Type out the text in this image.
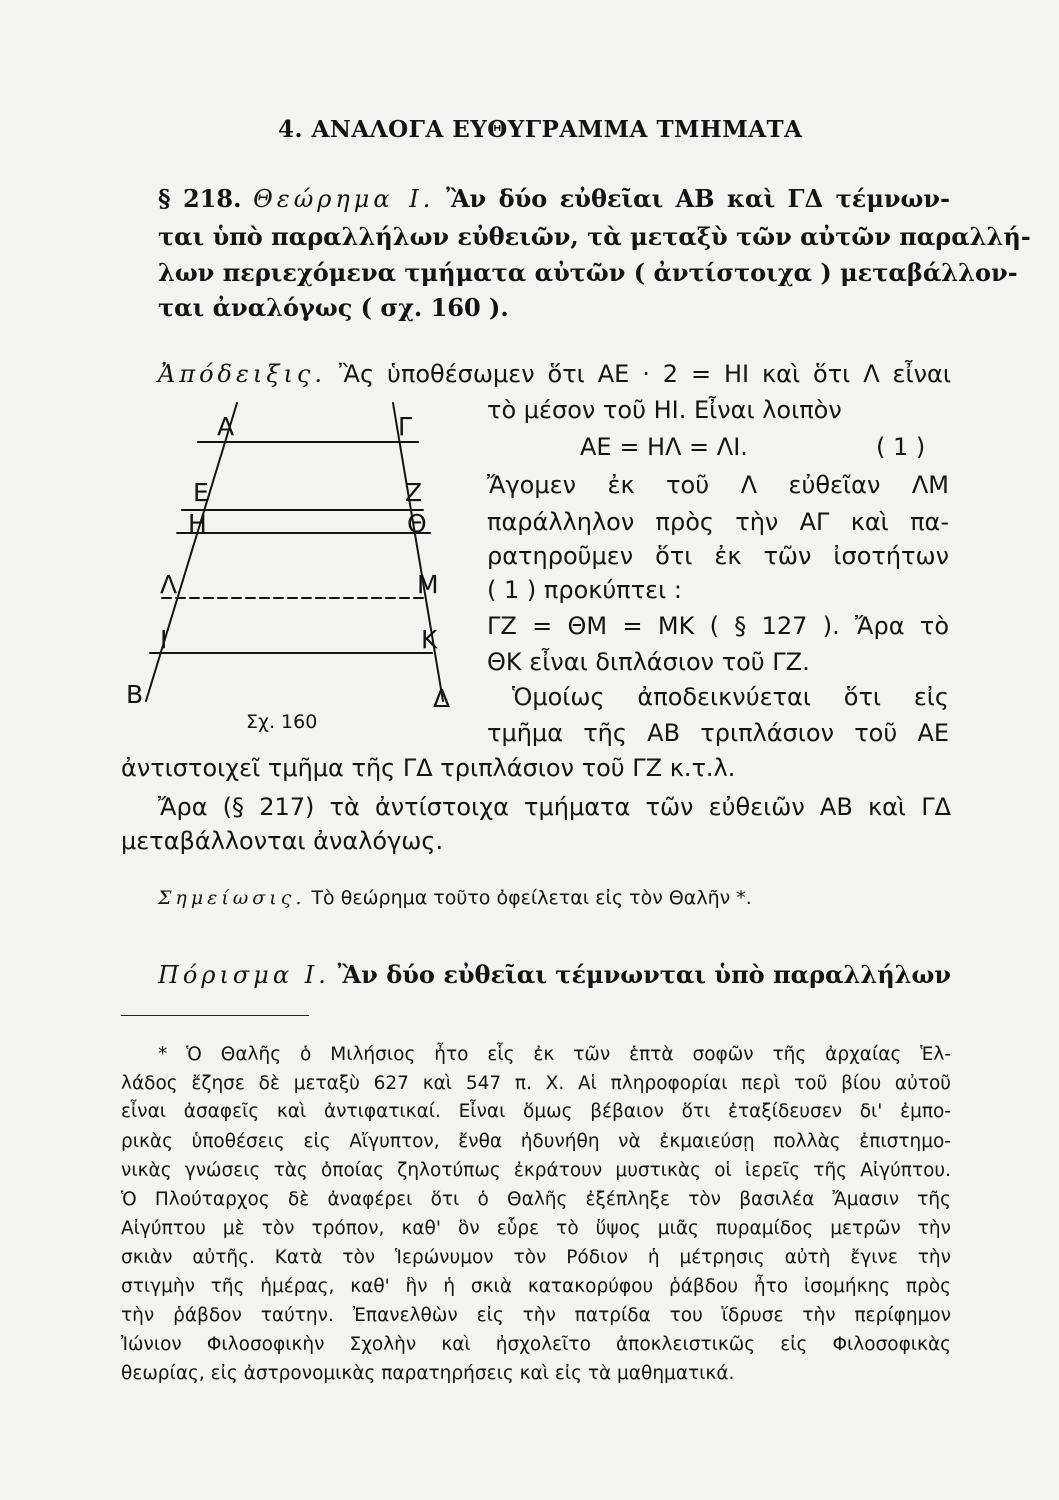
4. ΑΝΑΛΟΓΑ ΕΥΘΥΓΡΑΜΜΑ ΤΜΗΜΑΤΑ
§ 218. Θεώρημα Ι. Ἂν δύο εὐθεῖαι ΑΒ καὶ ΓΔ τέμνων-
ται ὑπὸ παραλλήλων εὐθειῶν, τὰ μεταξὺ τῶν αὐτῶν παραλλή-
λων περιεχόμενα τμήματα αὐτῶν ( ἀντίστοιχα ) μεταβάλλον-
ται ἀναλόγως ( σχ. 160 ).
Ἀπόδειξις. Ἂς ὑποθέσωμεν ὅτι ΑΕ · 2 = ΗΙ καὶ ὅτι Λ εἶναι
τὸ μέσον τοῦ ΗΙ. Εἶναι λοιπὸν
ΑΕ = ΗΛ = ΛΙ.	( 1 )
Ἄγομεν ἐκ τοῦ Λ εὐθεῖαν ΛΜ
παράλληλον πρὸς τὴν ΑΓ καὶ πα-
ρατηροῦμεν ὅτι ἐκ τῶν ἰσοτήτων
( 1 ) προκύπτει :
ΓΖ = ΘΜ = ΜΚ ( § 127 ). Ἄρα τὸ
ΘΚ εἶναι διπλάσιον τοῦ ΓΖ.
Ὁμοίως ἀποδεικνύεται ὅτι εἰς
τμῆμα τῆς ΑΒ τριπλάσιον τοῦ ΑΕ
ἀντιστοιχεῖ τμῆμα τῆς ΓΔ τριπλάσιον τοῦ ΓΖ κ.τ.λ.
Ἄρα (§ 217) τὰ ἀντίστοιχα τμήματα τῶν εὐθειῶν ΑΒ καὶ ΓΔ
μεταβάλλονται ἀναλόγως.
Α	Γ
Ε	Ζ
Η	Θ
Λ	Μ
Ι	Κ
Β	Δ
Σχ. 160
Σημείωσις. Τὸ θεώρημα τοῦτο ὀφείλεται εἰς τὸν Θαλῆν *.
Πόρισμα Ι. Ἂν δύο εὐθεῖαι τέμνωνται ὑπὸ παραλλήλων
* Ὁ Θαλῆς ὁ Μιλήσιος ἦτο εἷς ἐκ τῶν ἑπτὰ σοφῶν τῆς ἀρχαίας Ἑλ-
λάδος ἔζησε δὲ μεταξὺ 627 καὶ 547 π. Χ. Αἱ πληροφορίαι περὶ τοῦ βίου αὐτοῦ
εἶναι ἀσαφεῖς καὶ ἀντιφατικαί. Εἶναι ὅμως βέβαιον ὅτι ἐταξίδευσεν δι' ἐμπο-
ρικὰς ὑποθέσεις εἰς Αἴγυπτον, ἔνθα ἠδυνήθη νὰ ἐκμαιεύσῃ πολλὰς ἐπιστημο-
νικὰς γνώσεις τὰς ὁποίας ζηλοτύπως ἐκράτουν μυστικὰς οἱ ἱερεῖς τῆς Αἰγύπτου.
Ὁ Πλούταρχος δὲ ἀναφέρει ὅτι ὁ Θαλῆς ἐξέπληξε τὸν βασιλέα Ἄμασιν τῆς
Αἰγύπτου μὲ τὸν τρόπον, καθ' ὃν εὗρε τὸ ὕψος μιᾶς πυραμίδος μετρῶν τὴν
σκιὰν αὐτῆς. Κατὰ τὸν Ἱερώνυμον τὸν Ρόδιον ἡ μέτρησις αὐτὴ ἔγινε τὴν
στιγμὴν τῆς ἡμέρας, καθ' ἣν ἡ σκιὰ κατακορύφου ῥάβδου ἦτο ἰσομήκης πρὸς
τὴν ῥάβδον ταύτην. Ἐπανελθὼν εἰς τὴν πατρίδα του ἵδρυσε τὴν περίφημον
Ἰώνιον Φιλοσοφικὴν Σχολὴν καὶ ἠσχολεῖτο ἀποκλειστικῶς εἰς Φιλοσοφικὰς
θεωρίας, εἰς ἀστρονομικὰς παρατηρήσεις καὶ εἰς τὰ μαθηματικά.
